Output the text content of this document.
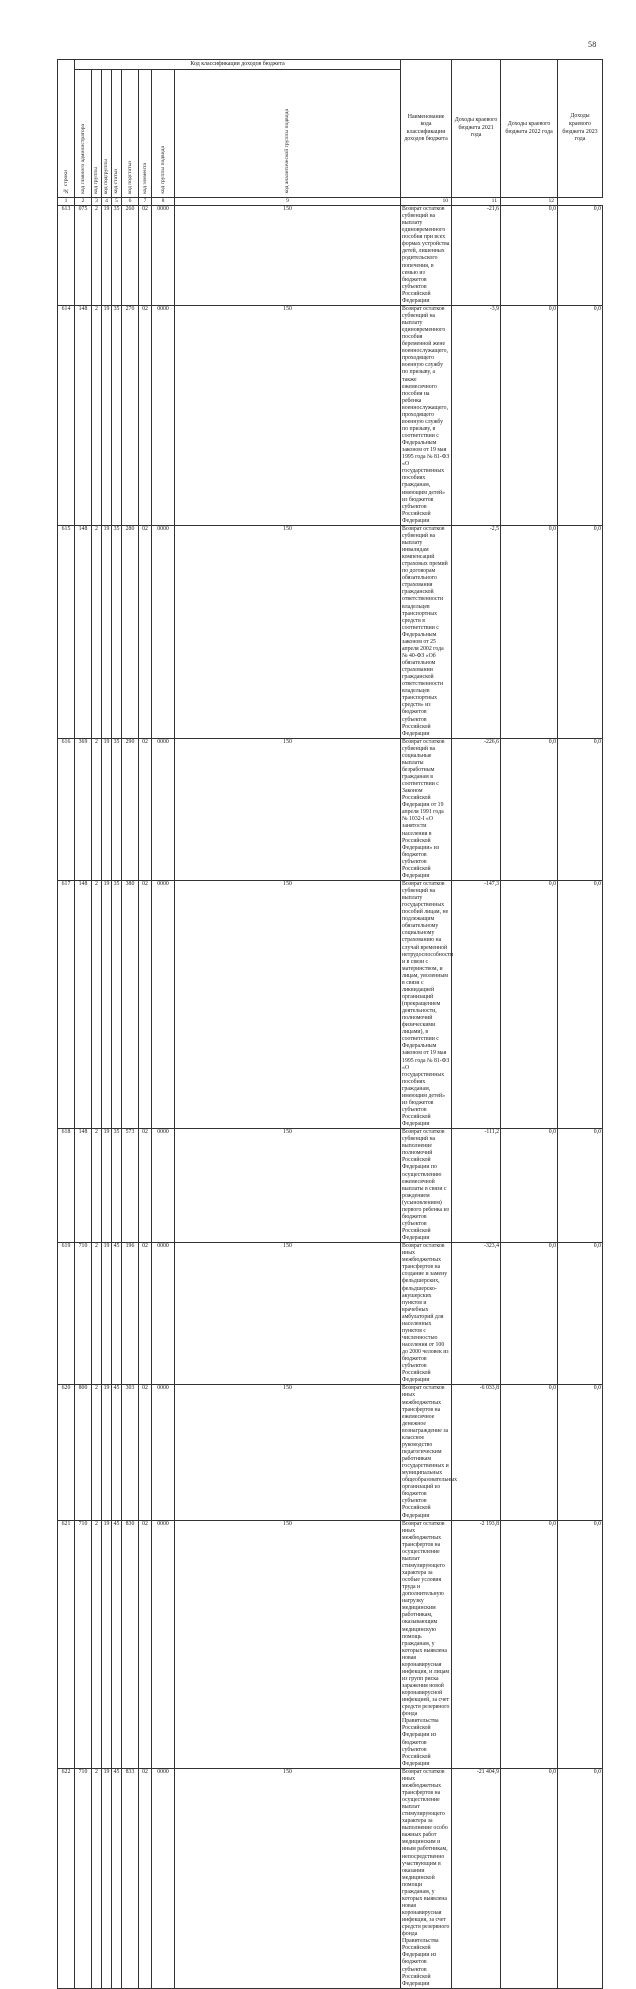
58
№ строки	Код классификации доходов бюджета								Наименование кода классификации доходов бюджета	Доходы краевого бюджета 2021 года	Доходы краевого бюджета 2022 года	Доходы краевого бюджета 2023 года
	код главного администратора	код группы	код подгруппы	код статьи	код подстатьи	код элемента	код группы подвида	код аналитической группы подвида				
1	2	3	4	5	6	7	8	9	10	11	12	
613	075	2	19	35	260	02	0000	150	Возврат остатков субвенций на выплату единовременного пособия при всех формах устройства детей, лишенных родительского попечения, в семью из бюджетов субъектов Российской Федерации	-21,6	0,0	0,0
614	148	2	19	35	270	02	0000	150	Возврат остатков субвенций на выплату единовременного пособия беременной жене военнослужащего, проходящего военную службу по призыву, а также ежемесячного пособия на ребенка военнослужащего, проходящего военную службу по призыву, в соответствии с Федеральным законом от 19 мая 1995 года № 81-ФЗ «О государственных пособиях гражданам, имеющим детей» из бюджетов субъектов Российской Федерации	-3,9	0,0	0,0
615	148	2	19	35	280	02	0000	150	Возврат остатков субвенций на выплату инвалидам компенсаций страховых премий по договорам обязательного страхования гражданской ответственности владельцев транспортных средств в соответствии с Федеральным законом от 25 апреля 2002 года № 40-ФЗ «Об обязательном страховании гражданской ответственности владельцев транспортных средств» из бюджетов субъектов Российской Федерации	-2,5	0,0	0,0
616	369	2	19	35	290	02	0000	150	Возврат остатков субвенций на социальные выплаты безработным гражданам в соответствии с Законом Российской Федерации от 19 апреля 1991 года № 1032-I «О занятости населения в Российской Федерации» из бюджетов субъектов Российской Федерации	-226,6	0,0	0,0
617	148	2	19	35	380	02	0000	150	Возврат остатков субвенций на выплату государственных пособий лицам, не подлежащим обязательному социальному страхованию на случай временной нетрудоспособности и в связи с материнством, и лицам, уволенным в связи с ликвидацией организаций (прекращением деятельности, полномочий физическими лицами), в соответствии с Федеральным законом от 19 мая 1995 года № 81-ФЗ «О государственных пособиях гражданам, имеющим детей» из бюджетов субъектов Российской Федерации	-147,3	0,0	0,0
618	148	2	19	35	573	02	0000	150	Возврат остатков субвенций на выполнение полномочий Российской Федерации по осуществлению ежемесячной выплаты в связи с рождением (усыновлением) первого ребенка из бюджетов субъектов Российской Федерации	-111,2	0,0	0,0
619	710	2	19	45	196	02	0000	150	Возврат остатков иных межбюджетных трансфертов на создание и замену фельдшерских, фельдшерско-акушерских пунктов и врачебных амбулаторий для населенных пунктов с численностью населения от 100 до 2000 человек из бюджетов субъектов Российской Федерации	-323,4	0,0	0,0
620	800	2	19	45	303	02	0000	150	Возврат остатков иных межбюджетных трансфертов на ежемесячное денежное вознаграждение за классное руководство педагогическим работникам государственных и муниципальных общеобразовательных организаций из бюджетов субъектов Российской Федерации	-6 033,8	0,0	0,0
621	710	2	19	45	830	02	0000	150	Возврат остатков иных межбюджетных трансфертов на осуществление выплат стимулирующего характера за особые условия труда и дополнительную нагрузку медицинским работникам, оказывающим медицинскую помощь гражданам, у которых выявлена новая коронавирусная инфекция, и лицам из групп риска заражения новой коронавирусной инфекцией, за счет средств резервного фонда Правительства Российской Федерации из бюджетов субъектов Российской Федерации	-2 193,8	0,0	0,0
622	710	2	19	45	833	02	0000	150	Возврат остатков иных межбюджетных трансфертов на осуществление выплат стимулирующего характера за выполнение особо важных работ медицинским и иным работникам, непосредственно участвующим в оказании медицинской помощи гражданам, у которых выявлена новая коронавирусная инфекция, за счет средств резервного фонда Правительства Российской Федерации из бюджетов субъектов Российской Федерации	-21 404,9	0,0	0,0
